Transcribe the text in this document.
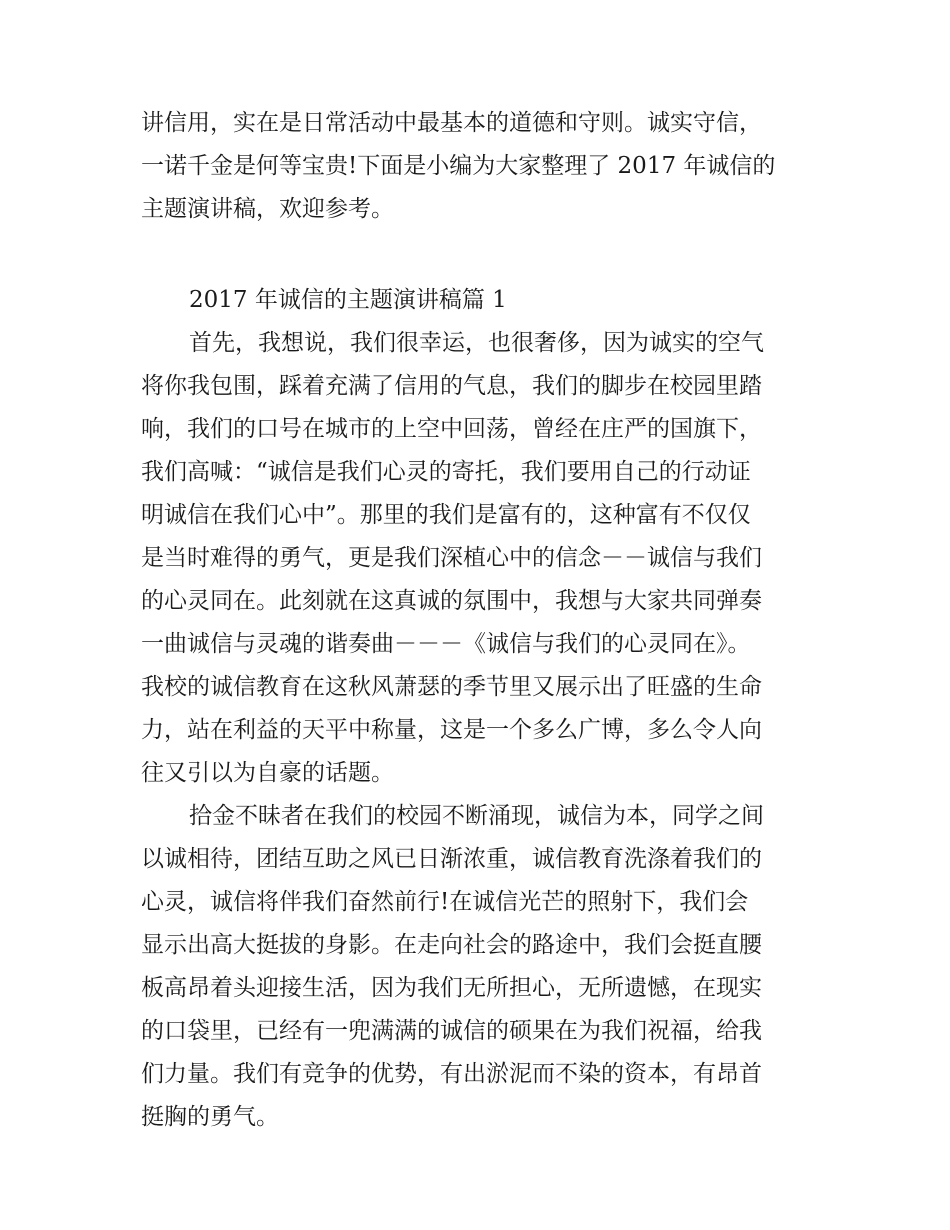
讲信用，实在是日常活动中最基本的道德和守则。诚实守信，
一诺千金是何等宝贵!下面是小编为大家整理了 2017 年诚信的
主题演讲稿，欢迎参考。
2017 年诚信的主题演讲稿篇 1
首先，我想说，我们很幸运，也很奢侈，因为诚实的空气
将你我包围，踩着充满了信用的气息，我们的脚步在校园里踏
响，我们的口号在城市的上空中回荡，曾经在庄严的国旗下，
我们高喊：“诚信是我们心灵的寄托，我们要用自己的行动证
明诚信在我们心中”。那里的我们是富有的，这种富有不仅仅
是当时难得的勇气，更是我们深植心中的信念－－诚信与我们
的心灵同在。此刻就在这真诚的氛围中，我想与大家共同弹奏
一曲诚信与灵魂的谐奏曲－－－《诚信与我们的心灵同在》。
我校的诚信教育在这秋风萧瑟的季节里又展示出了旺盛的生命
力，站在利益的天平中称量，这是一个多么广博，多么令人向
往又引以为自豪的话题。
拾金不昧者在我们的校园不断涌现，诚信为本，同学之间
以诚相待，团结互助之风已日渐浓重，诚信教育洗涤着我们的
心灵，诚信将伴我们奋然前行!在诚信光芒的照射下，我们会
显示出高大挺拔的身影。在走向社会的路途中，我们会挺直腰
板高昂着头迎接生活，因为我们无所担心，无所遗憾，在现实
的口袋里，已经有一兜满满的诚信的硕果在为我们祝福，给我
们力量。我们有竞争的优势，有出淤泥而不染的资本，有昂首
挺胸的勇气。
